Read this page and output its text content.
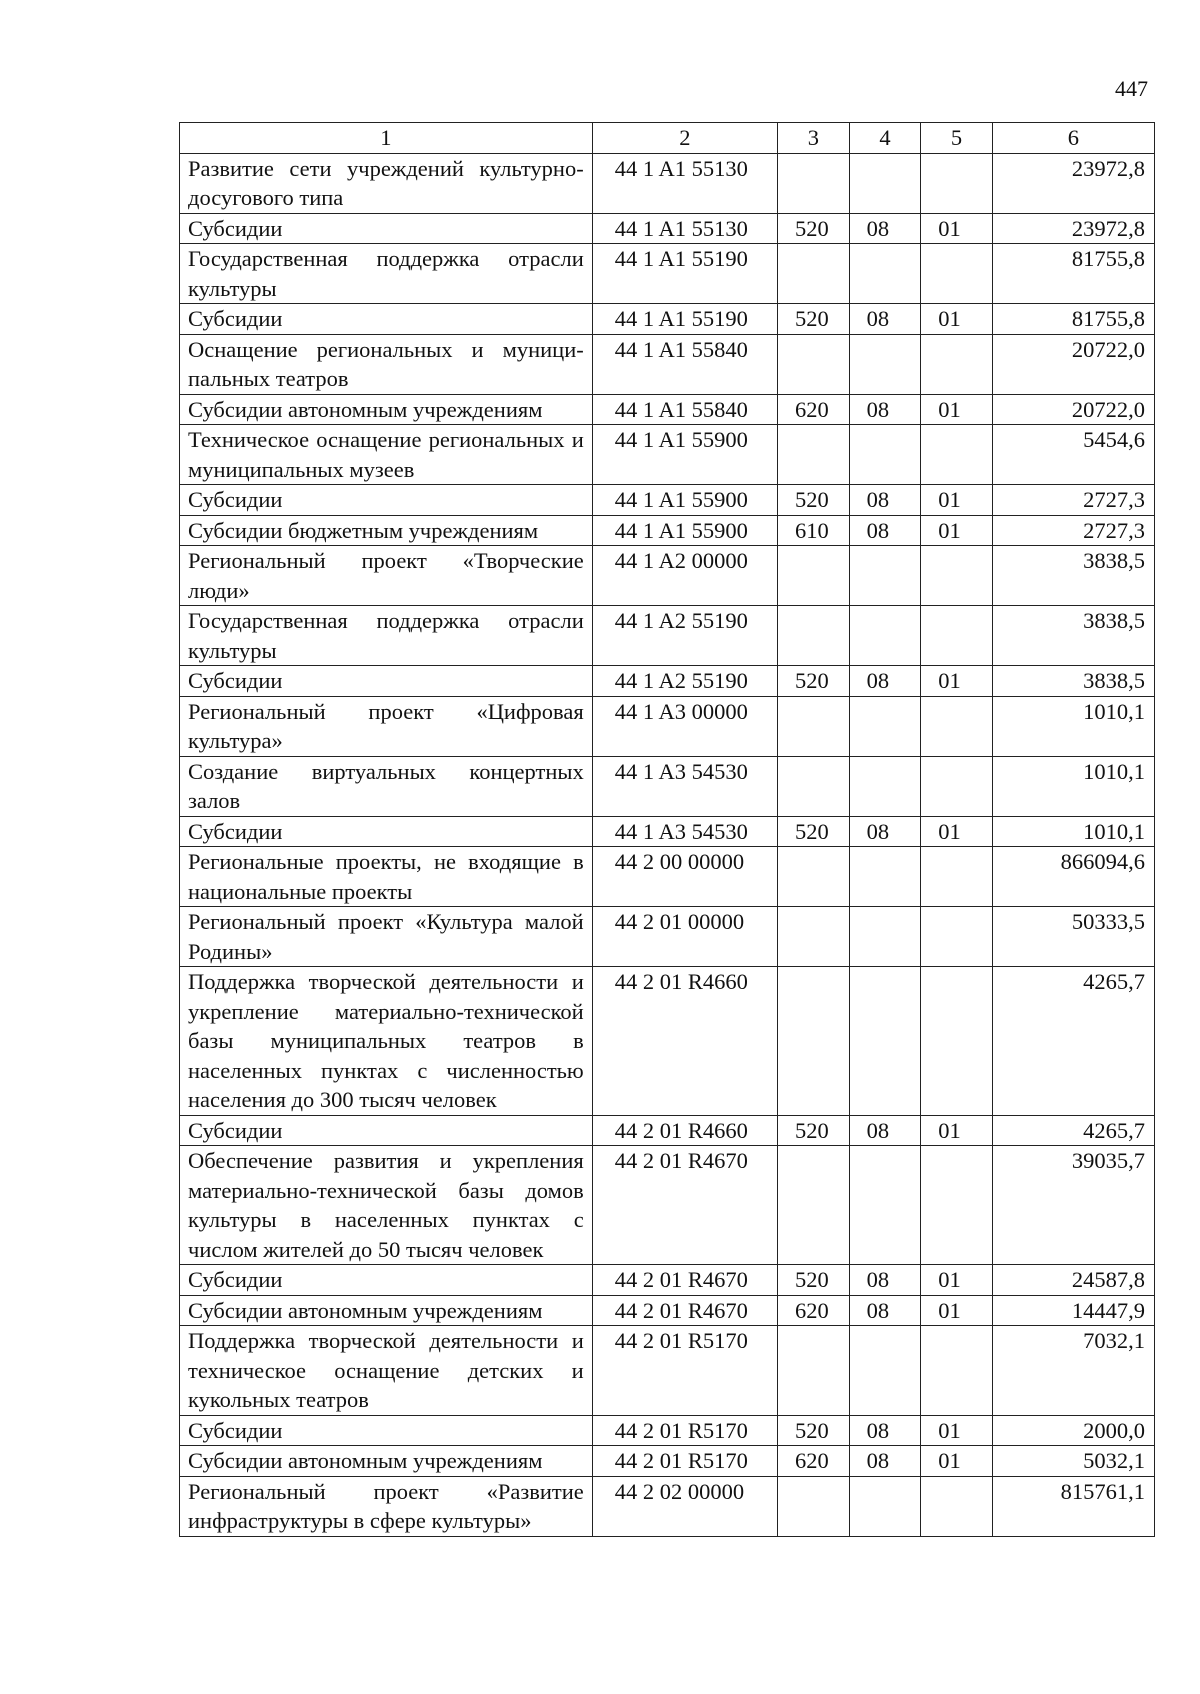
447
1	2	3	4	5	6
Развитие сети учреждений культурно-досугового типа	44 1 A1 55130				23972,8
Субсидии	44 1 A1 55130	520	08	01	23972,8
Государственная поддержка отрасли культуры	44 1 A1 55190				81755,8
Субсидии	44 1 A1 55190	520	08	01	81755,8
Оснащение региональных и муниципальных театров	44 1 A1 55840				20722,0
Субсидии автономным учреждениям	44 1 A1 55840	620	08	01	20722,0
Техническое оснащение региональных и муниципальных музеев	44 1 A1 55900				5454,6
Субсидии	44 1 A1 55900	520	08	01	2727,3
Субсидии бюджетным учреждениям	44 1 A1 55900	610	08	01	2727,3
Региональный проект «Творческие люди»	44 1 A2 00000				3838,5
Государственная поддержка отрасли культуры	44 1 A2 55190				3838,5
Субсидии	44 1 A2 55190	520	08	01	3838,5
Региональный проект «Цифровая культура»	44 1 A3 00000				1010,1
Создание виртуальных концертных залов	44 1 A3 54530				1010,1
Субсидии	44 1 A3 54530	520	08	01	1010,1
Региональные проекты, не входящие в национальные проекты	44 2 00 00000				866094,6
Региональный проект «Культура малой Родины»	44 2 01 00000				50333,5
Поддержка творческой деятельности и укрепление материально-технической базы муниципальных театров в населенных пунктах с численностью населения до 300 тысяч человек	44 2 01 R4660				4265,7
Субсидии	44 2 01 R4660	520	08	01	4265,7
Обеспечение развития и укрепления материально-технической базы домов культуры в населенных пунктах с числом жителей до 50 тысяч человек	44 2 01 R4670				39035,7
Субсидии	44 2 01 R4670	520	08	01	24587,8
Субсидии автономным учреждениям	44 2 01 R4670	620	08	01	14447,9
Поддержка творческой деятельности и техническое оснащение детских и кукольных театров	44 2 01 R5170				7032,1
Субсидии	44 2 01 R5170	520	08	01	2000,0
Субсидии автономным учреждениям	44 2 01 R5170	620	08	01	5032,1
Региональный проект «Развитие инфраструктуры в сфере культуры»	44 2 02 00000				815761,1
